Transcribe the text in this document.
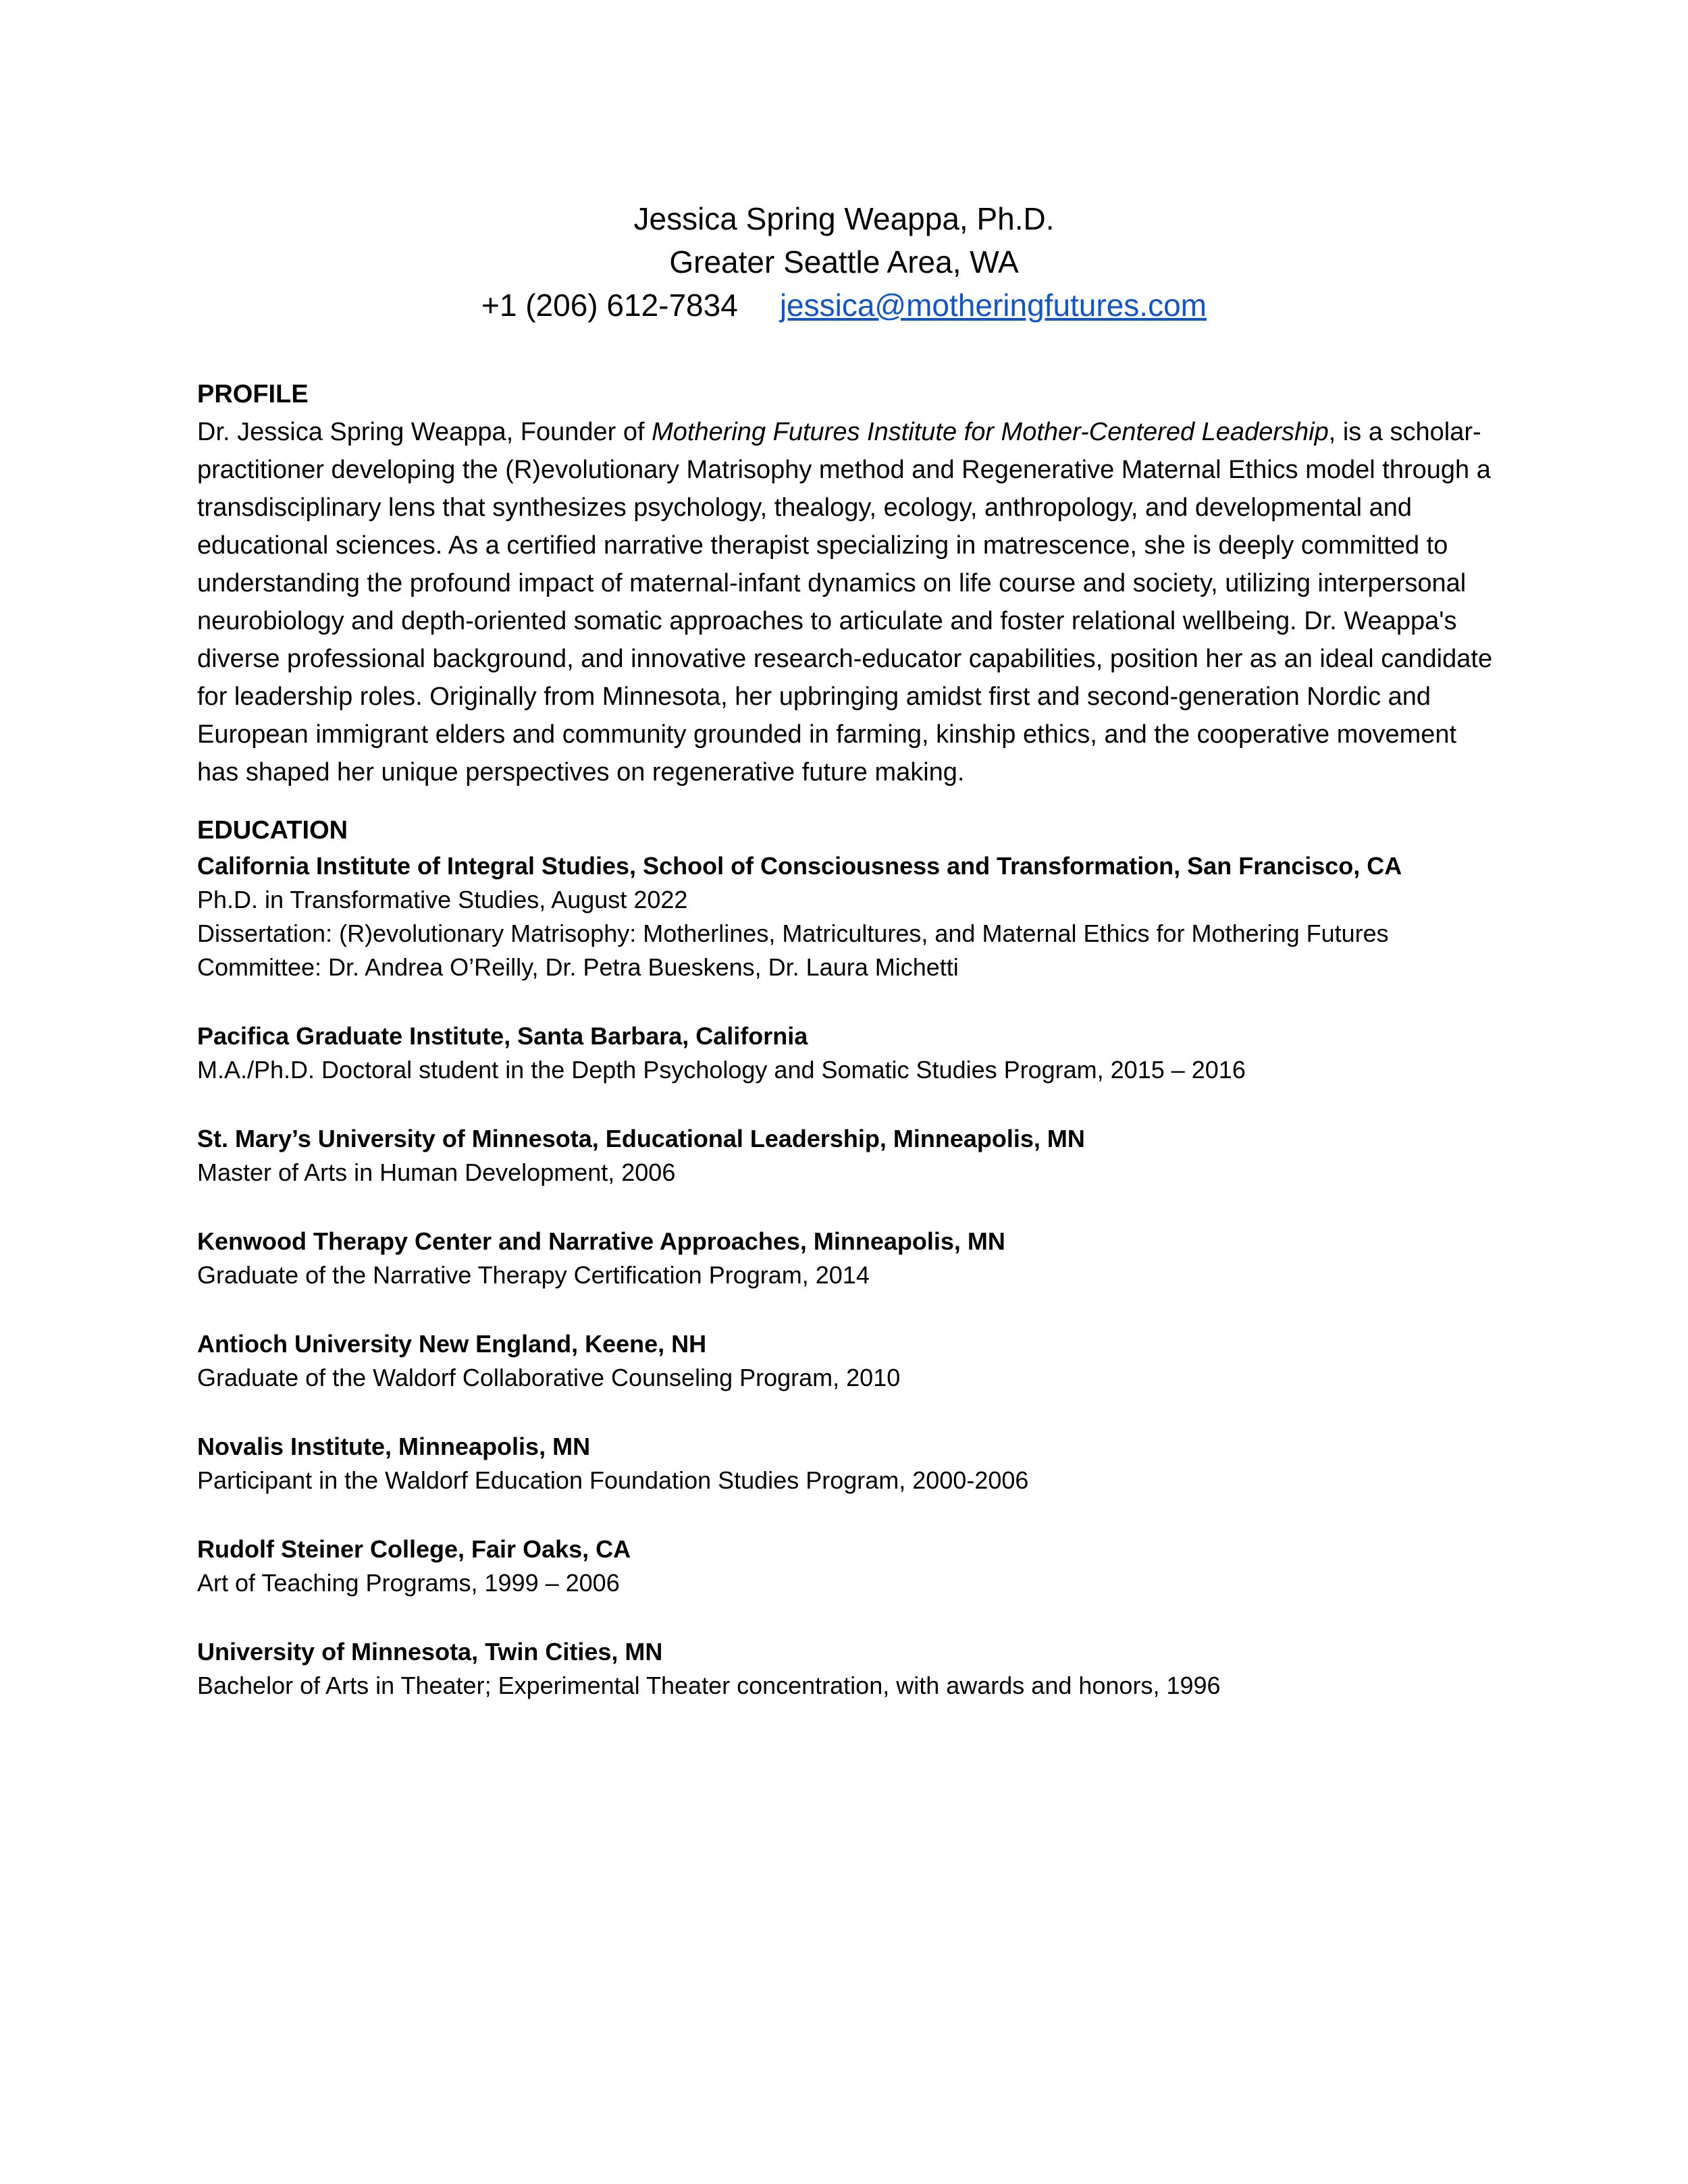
Jessica Spring Weappa, Ph.D.
Greater Seattle Area, WA
+1 (206) 612-7834 jessica@motheringfutures.com

PROFILE

Dr. Jessica Spring Weappa, Founder of Mothering Futures Institute for Mother-Centered Leadership, is a scholar-practitioner developing the (R)evolutionary Matrisophy method and Regenerative Maternal Ethics model through a transdisciplinary lens that synthesizes psychology, thealogy, ecology, anthropology, and developmental and educational sciences. As a certified narrative therapist specializing in matrescence, she is deeply committed to understanding the profound impact of maternal-infant dynamics on life course and society, utilizing interpersonal neurobiology and depth-oriented somatic approaches to articulate and foster relational wellbeing. Dr. Weappa's diverse professional background, and innovative research-educator capabilities, position her as an ideal candidate for leadership roles. Originally from Minnesota, her upbringing amidst first and second-generation Nordic and European immigrant elders and community grounded in farming, kinship ethics, and the cooperative movement has shaped her unique perspectives on regenerative future making.

EDUCATION

California Institute of Integral Studies, School of Consciousness and Transformation, San Francisco, CA

Ph.D. in Transformative Studies, August 2022

Dissertation: (R)evolutionary Matrisophy: Motherlines, Matricultures, and Maternal Ethics for Mothering Futures

Committee: Dr. Andrea O’Reilly, Dr. Petra Bueskens, Dr. Laura Michetti

Pacifica Graduate Institute, Santa Barbara, California

M.A./Ph.D. Doctoral student in the Depth Psychology and Somatic Studies Program, 2015 – 2016

St. Mary’s University of Minnesota, Educational Leadership, Minneapolis, MN

Master of Arts in Human Development, 2006

Kenwood Therapy Center and Narrative Approaches, Minneapolis, MN

Graduate of the Narrative Therapy Certification Program, 2014

Antioch University New England, Keene, NH

Graduate of the Waldorf Collaborative Counseling Program, 2010

Novalis Institute, Minneapolis, MN

Participant in the Waldorf Education Foundation Studies Program, 2000-2006

Rudolf Steiner College, Fair Oaks, CA

Art of Teaching Programs, 1999 – 2006

University of Minnesota, Twin Cities, MN

Bachelor of Arts in Theater; Experimental Theater concentration, with awards and honors, 1996
